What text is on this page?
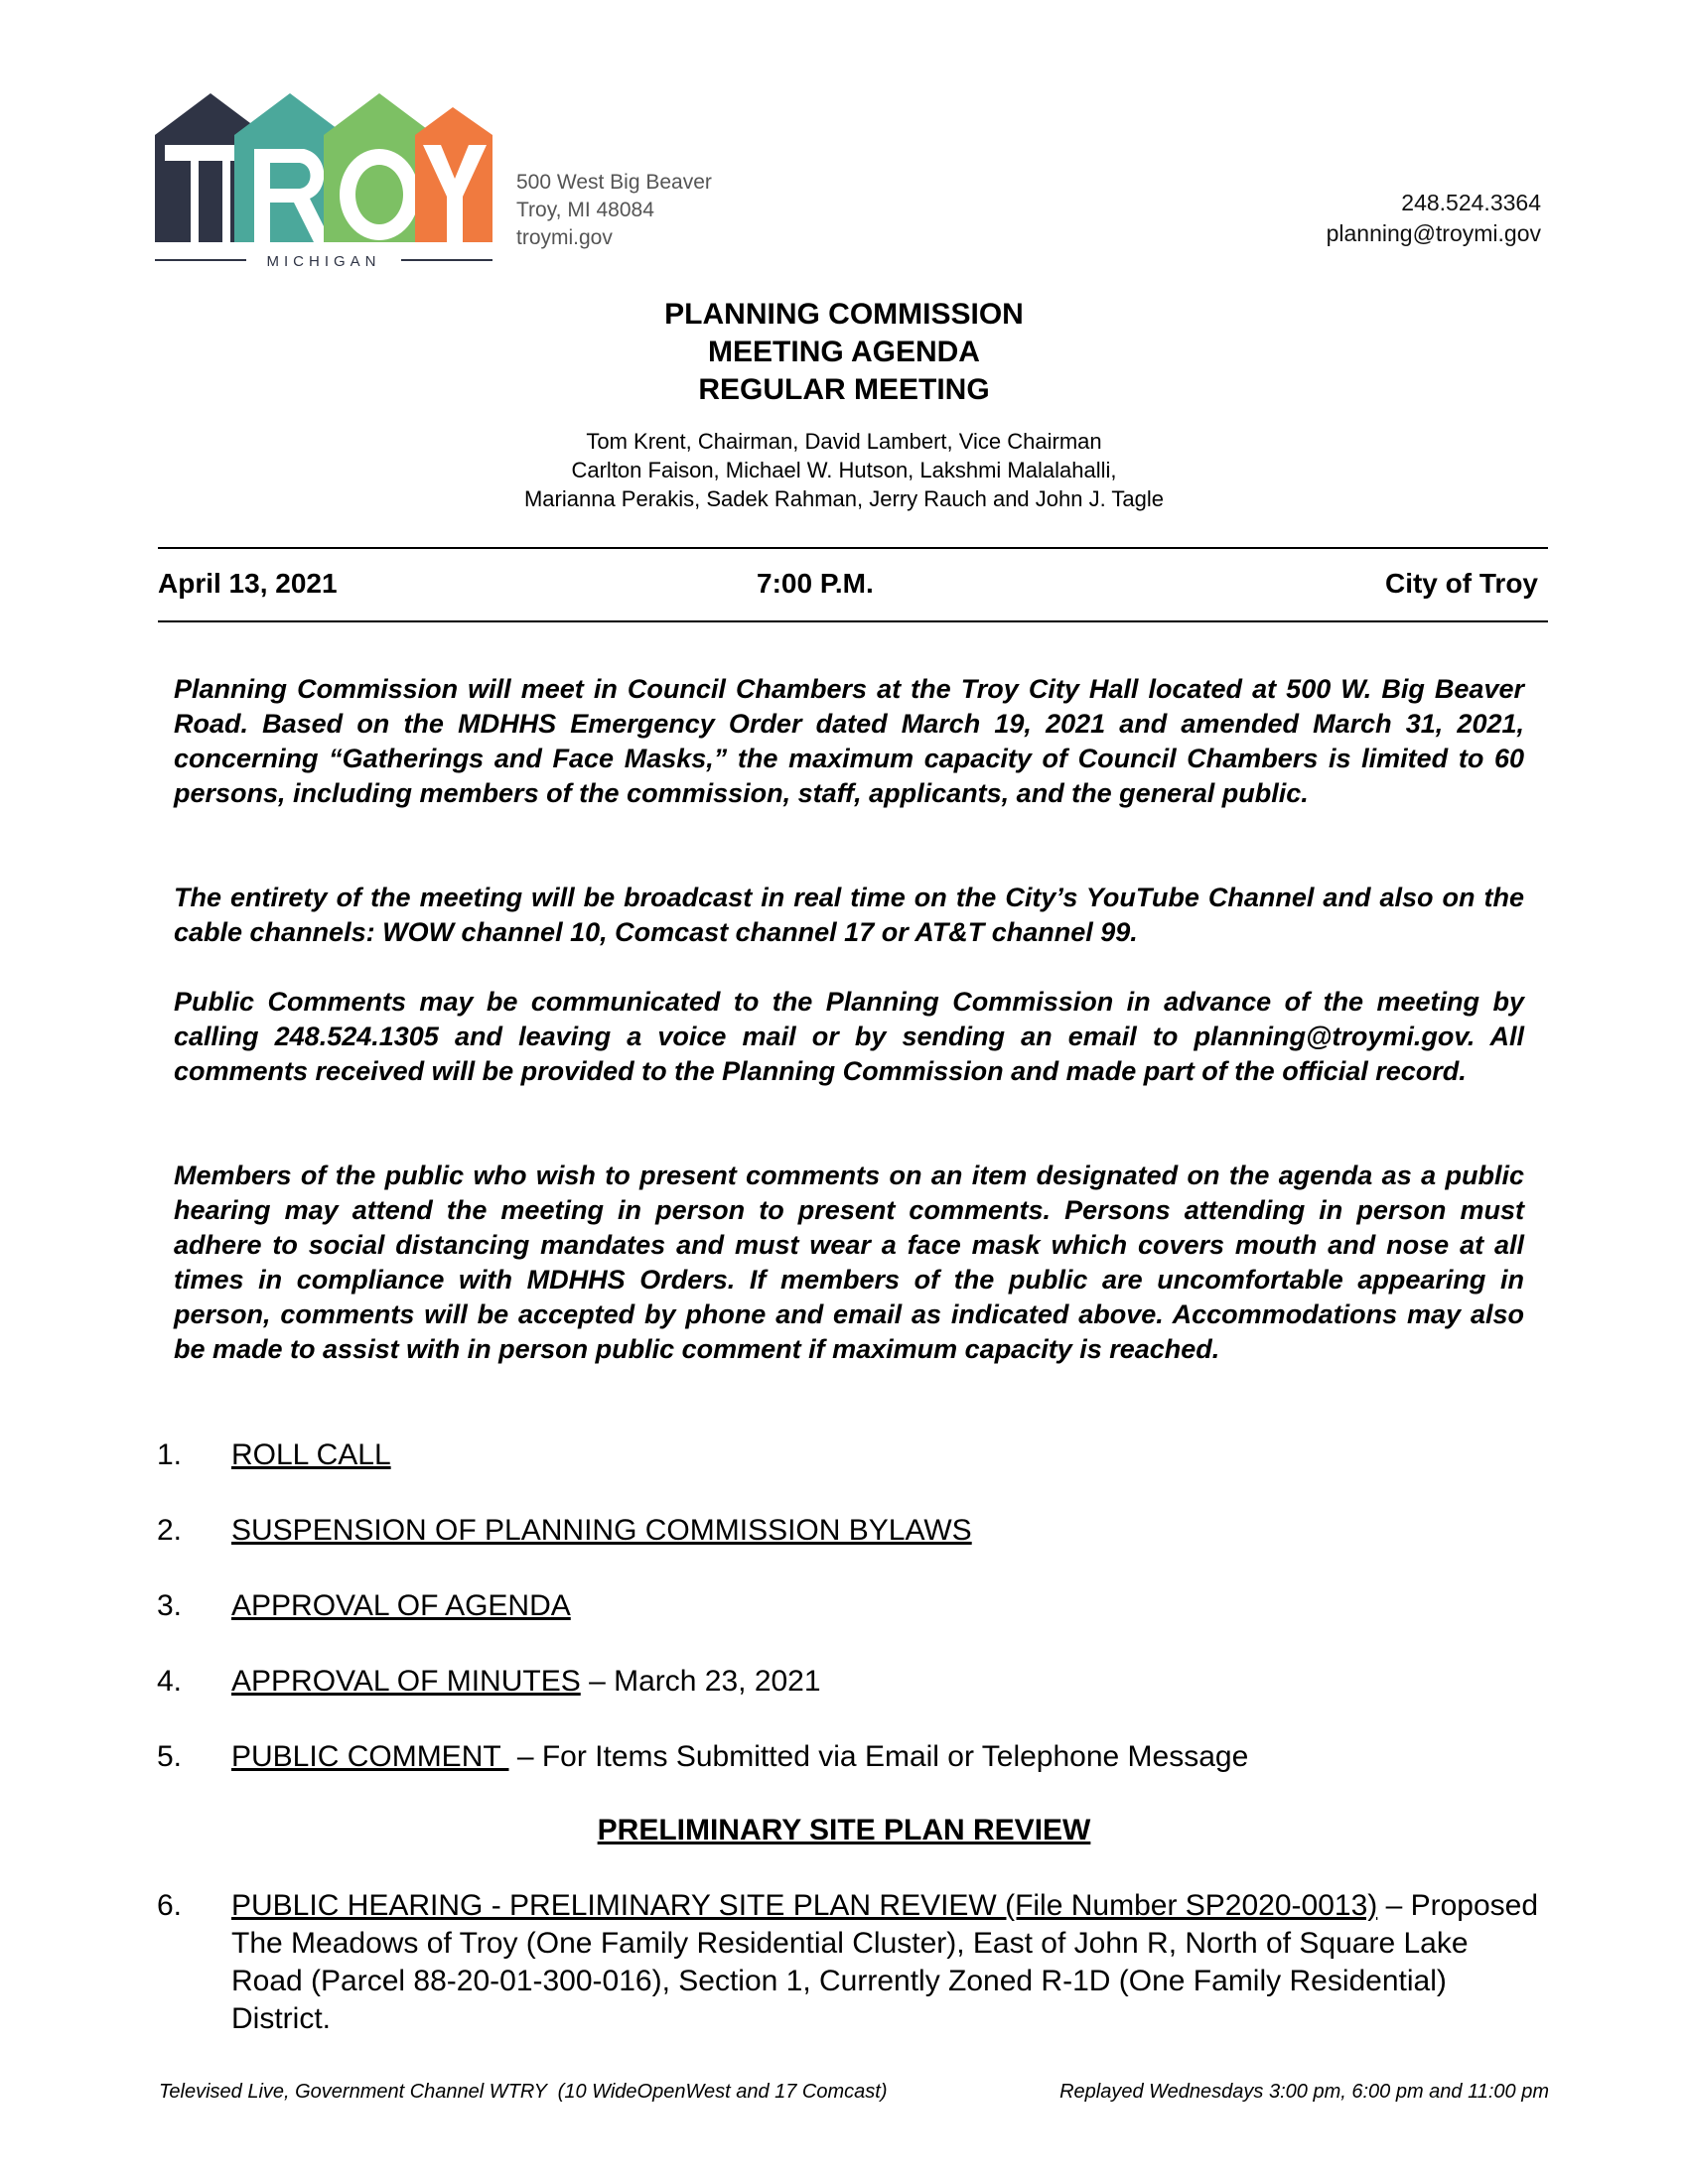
MICHIGAN
500 West Big Beaver
Troy, MI 48084
troymi.gov
248.524.3364
planning@troymi.gov
PLANNING COMMISSION
MEETING AGENDA
REGULAR MEETING
Tom Krent, Chairman, David Lambert, Vice Chairman
Carlton Faison, Michael W. Hutson, Lakshmi Malalahalli,
Marianna Perakis, Sadek Rahman, Jerry Rauch and John J. Tagle
April 13, 2021	7:00 P.M.	City of Troy

Planning Commission will meet in Council Chambers at the Troy City Hall located at 500 W. Big Beaver Road. Based on the MDHHS Emergency Order dated March 19, 2021 and amended March 31, 2021, concerning “Gatherings and Face Masks,” the maximum capacity of Council Chambers is limited to 60 persons, including members of the commission, staff, applicants, and the general public.

The entirety of the meeting will be broadcast in real time on the City’s YouTube Channel and also on the cable channels: WOW channel 10, Comcast channel 17 or AT&T channel 99.

Public Comments may be communicated to the Planning Commission in advance of the meeting by calling 248.524.1305 and leaving a voice mail or by sending an email to planning@troymi.gov. All comments received will be provided to the Planning Commission and made part of the official record.

Members of the public who wish to present comments on an item designated on the agenda as a public hearing may attend the meeting in person to present comments. Persons attending in person must adhere to social distancing mandates and must wear a face mask which covers mouth and nose at all times in compliance with MDHHS Orders. If members of the public are uncomfortable appearing in person, comments will be accepted by phone and email as indicated above. Accommodations may also be made to assist with in person public comment if maximum capacity is reached.

1. ROLL CALL
2. SUSPENSION OF PLANNING COMMISSION BYLAWS
3. APPROVAL OF AGENDA
4. APPROVAL OF MINUTES – March 23, 2021
5. PUBLIC COMMENT  – For Items Submitted via Email or Telephone Message
PRELIMINARY SITE PLAN REVIEW
6. PUBLIC HEARING - PRELIMINARY SITE PLAN REVIEW (File Number SP2020-0013) – Proposed The Meadows of Troy (One Family Residential Cluster), East of John R, North of Square Lake Road (Parcel 88-20-01-300-016), Section 1, Currently Zoned R-1D (One Family Residential) District.
Televised Live, Government Channel WTRY  (10 WideOpenWest and 17 Comcast)	Replayed Wednesdays 3:00 pm, 6:00 pm and 11:00 pm
